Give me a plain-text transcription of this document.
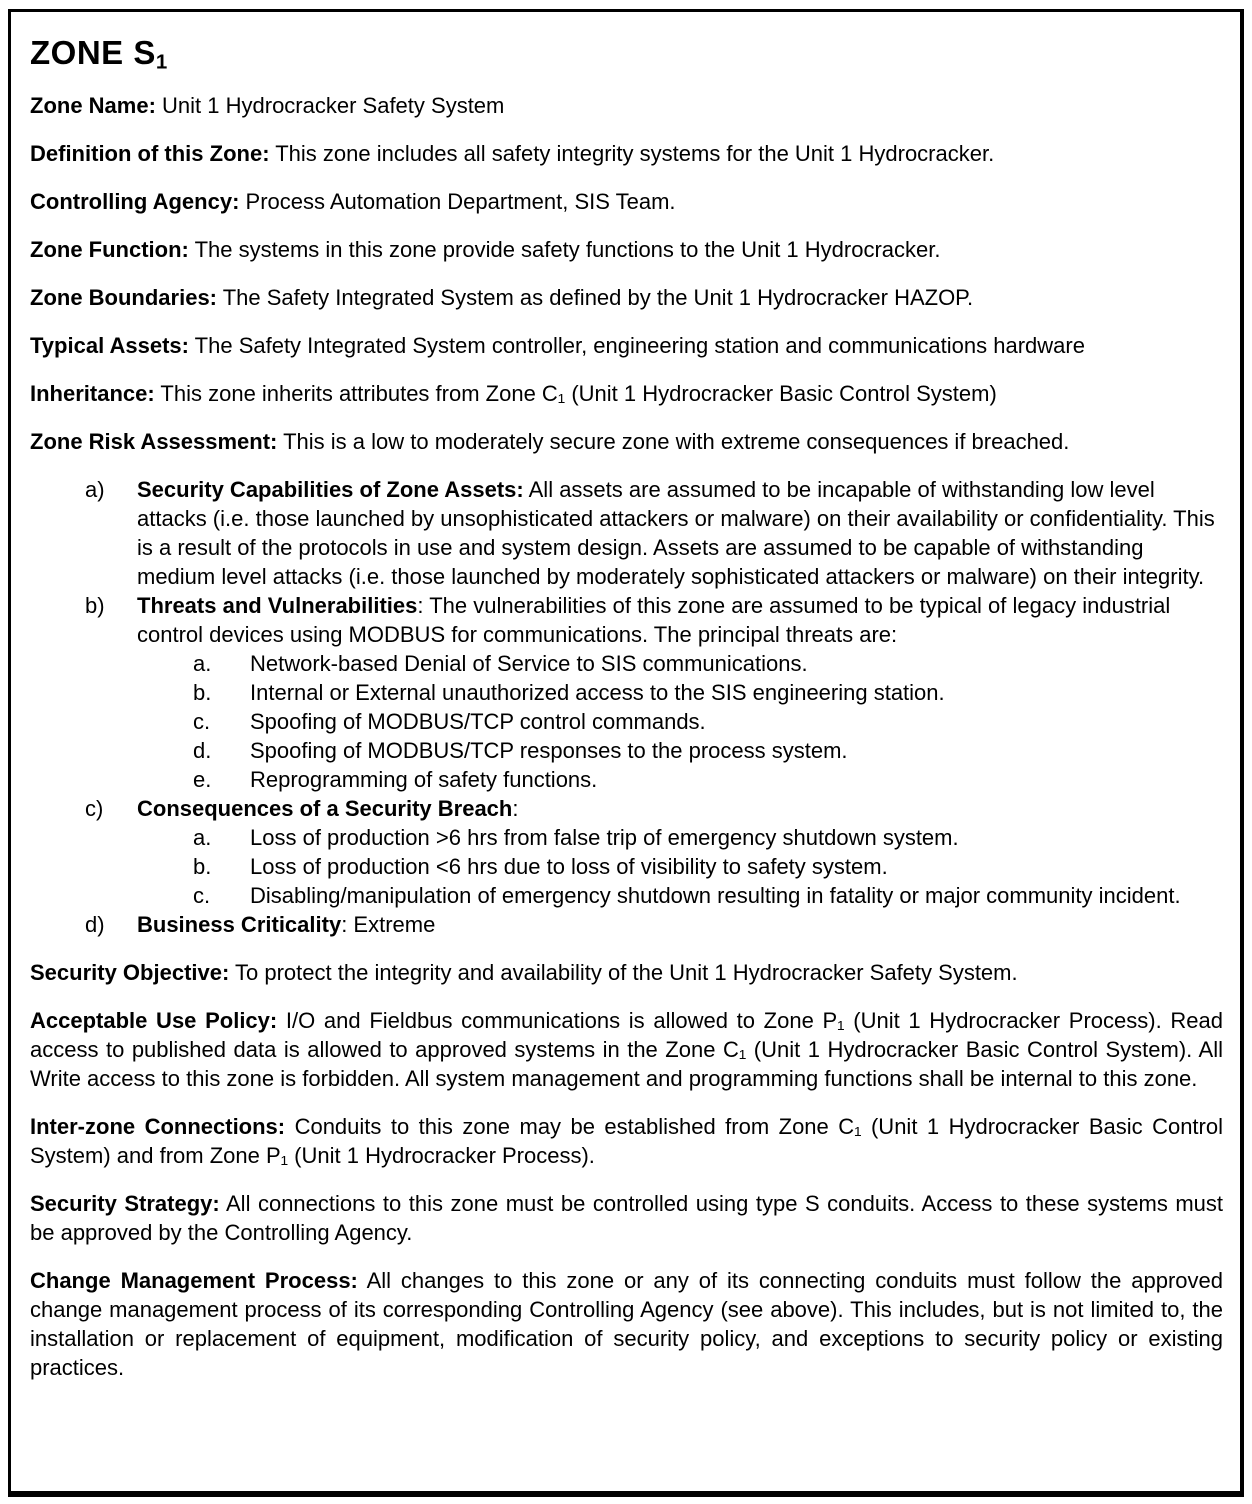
ZONE $S_1$

Zone Name: Unit 1 Hydrocracker Safety System

Definition of this Zone: This zone includes all safety integrity systems for the Unit 1 Hydrocracker.

Controlling Agency: Process Automation Department, SIS Team.

Zone Function: The systems in this zone provide safety functions to the Unit 1 Hydrocracker.

Zone Boundaries: The Safety Integrated System as defined by the Unit 1 Hydrocracker HAZOP.

Typical Assets: The Safety Integrated System controller, engineering station and communications hardware

Inheritance: This zone inherits attributes from Zone C₁ (Unit 1 Hydrocracker Basic Control System)

Zone Risk Assessment: This is a low to moderately secure zone with extreme consequences if breached.

a)	Security Capabilities of Zone Assets: All assets are assumed to be incapable of withstanding low level attacks (i.e. those launched by unsophisticated attackers or malware) on their availability or confidentiality. This is a result of the protocols in use and system design. Assets are assumed to be capable of withstanding medium level attacks (i.e. those launched by moderately sophisticated attackers or malware) on their integrity.
b)	Threats and Vulnerabilities: The vulnerabilities of this zone are assumed to be typical of legacy industrial control devices using MODBUS for communications. The principal threats are:
a.	Network-based Denial of Service to SIS communications.
b.	Internal or External unauthorized access to the SIS engineering station.
c.	Spoofing of MODBUS/TCP control commands.
d.	Spoofing of MODBUS/TCP responses to the process system.
e.	Reprogramming of safety functions.
c)	Consequences of a Security Breach:
a.	Loss of production >6 hrs from false trip of emergency shutdown system.
b.	Loss of production <6 hrs due to loss of visibility to safety system.
c.	Disabling/manipulation of emergency shutdown resulting in fatality or major community incident.
d)	Business Criticality: Extreme

Security Objective: To protect the integrity and availability of the Unit 1 Hydrocracker Safety System.

Acceptable Use Policy: I/O and Fieldbus communications is allowed to Zone P₁ (Unit 1 Hydrocracker Process). Read access to published data is allowed to approved systems in the Zone C₁ (Unit 1 Hydrocracker Basic Control System). All Write access to this zone is forbidden. All system management and programming functions shall be internal to this zone.

Inter-zone Connections: Conduits to this zone may be established from Zone C₁ (Unit 1 Hydrocracker Basic Control System) and from Zone P₁ (Unit 1 Hydrocracker Process).

Security Strategy: All connections to this zone must be controlled using type S conduits. Access to these systems must be approved by the Controlling Agency.

Change Management Process: All changes to this zone or any of its connecting conduits must follow the approved change management process of its corresponding Controlling Agency (see above). This includes, but is not limited to, the installation or replacement of equipment, modification of security policy, and exceptions to security policy or existing practices.
